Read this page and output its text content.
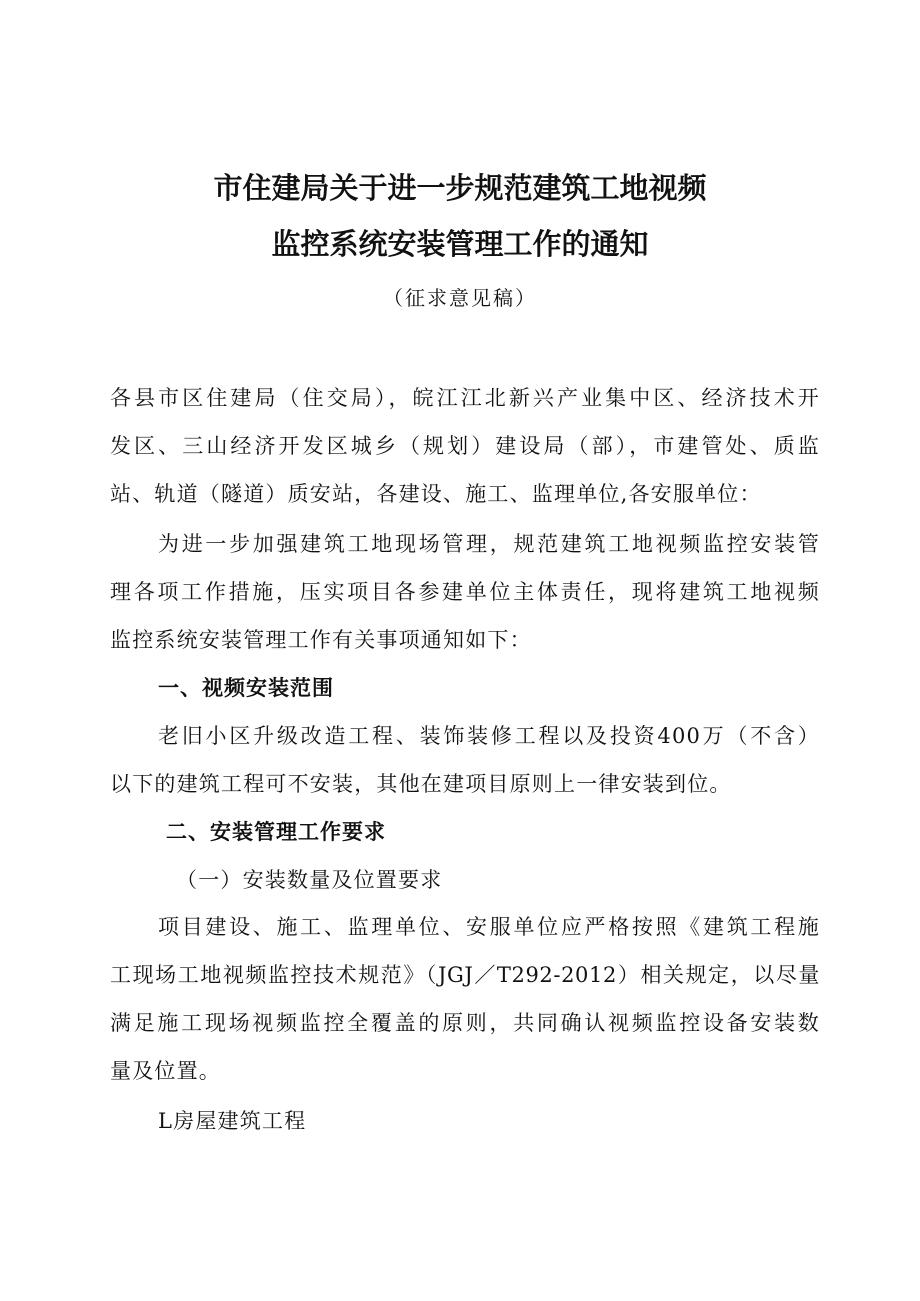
市住建局关于进一步规范建筑工地视频
监控系统安装管理工作的通知
（征求意见稿）
各县市区住建局（住交局），皖江江北新兴产业集中区、经济技术开
发区、三山经济开发区城乡（规划）建设局（部），市建管处、质监
站、轨道（隧道）质安站，各建设、施工、监理单位,各安服单位：
为进一步加强建筑工地现场管理，规范建筑工地视频监控安装管
理各项工作措施，压实项目各参建单位主体责任，现将建筑工地视频
监控系统安装管理工作有关事项通知如下：
一、视频安装范围
老旧小区升级改造工程、装饰装修工程以及投资400万（不含）
以下的建筑工程可不安装，其他在建项目原则上一律安装到位。
二、安装管理工作要求
（一）安装数量及位置要求
项目建设、施工、监理单位、安服单位应严格按照《建筑工程施
工现场工地视频监控技术规范》（JGJ／T292-2012）相关规定，以尽量
满足施工现场视频监控全覆盖的原则，共同确认视频监控设备安装数
量及位置。
L房屋建筑工程
